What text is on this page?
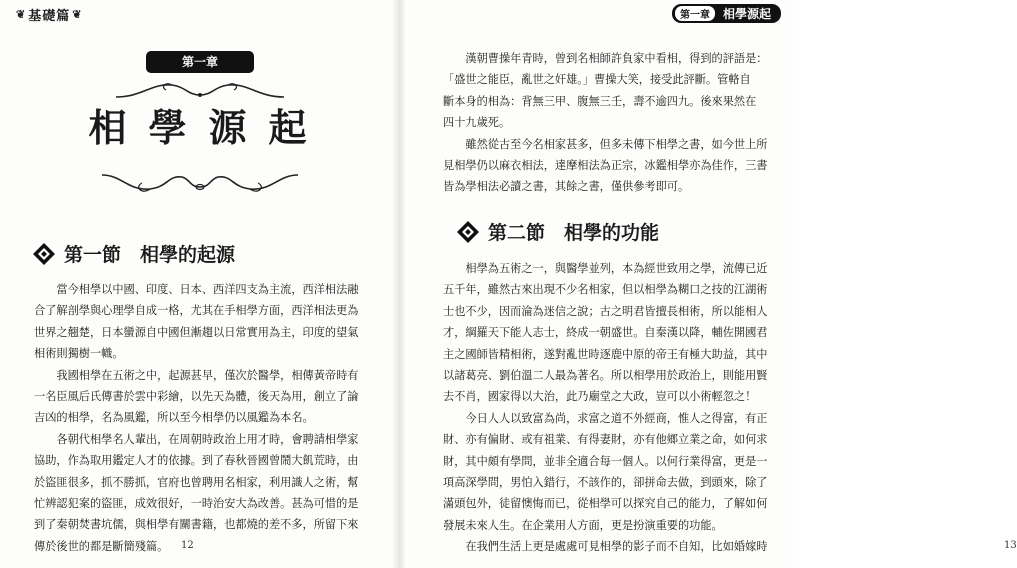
❦ 基礎篇 ❦
第一章
相學源起
第一節　相學的起源

當今相學以中國、印度、日本、西洋四支為主流，西洋相法融
合了解剖學與心理學自成一格，尤其在手相學方面，西洋相法更為
世界之翹楚，日本蠻源自中國但漸趨以日常實用為主，印度的望氣
相術則獨樹一幟。

我國相學在五術之中，起源甚早，僅次於醫學，相傳黃帝時有
一名臣風后氏傳書於雲中彩繪，以先天為體，後天為用，創立了論
吉凶的相學，名為風鑑，所以至今相學仍以風鑑為本名。

各朝代相學名人輩出，在周朝時政治上用才時，會聘請相學家
協助，作為取用鑑定人才的依據。到了春秋晉國曾鬧大飢荒時，由
於盜匪很多，抓不勝抓，官府也曾聘用名相家，利用識人之術，幫
忙辨認犯案的盜匪，成效很好，一時治安大為改善。甚為可惜的是
到了秦朝焚書坑儒，與相學有關書籍，也都燒的差不多，所留下來
傳於後世的都是斷簡殘篇。	12
第一章	相學源起

漢朝曹操年青時，曾到名相師許負家中看相，得到的評語是：
「盛世之能臣，亂世之奸雄。」曹操大笑，接受此評斷。管輅自
斷本身的相為：背無三甲、腹無三壬，壽不逾四九。後來果然在
四十九歲死。

雖然從古至今名相家甚多，但多未傳下相學之書，如今世上所
見相學仍以麻衣相法，達摩相法為正宗，冰鑑相學亦為佳作，三書
皆為學相法必讀之書，其餘之書，僅供參考即可。

第二節　相學的功能

相學為五術之一，與醫學並列，本為經世致用之學，流傳已近
五千年，雖然古來出現不少名相家，但以相學為糊口之技的江湖術
士也不少，因而淪為迷信之說；古之明君皆擅長相術，所以能相人
才，綱羅天下能人志士，終成一朝盛世。自秦漢以降，輔佐開國君
主之國師皆精相術，遂對亂世時逐鹿中原的帝王有極大助益，其中
以諸葛亮、劉伯溫二人最為著名。所以相學用於政治上，則能用賢
去不肖，國家得以大治，此乃廟堂之大政，豈可以小術輕忽之！

今日人人以致富為尚，求富之道不外經商，惟人之得富，有正
財、亦有偏財、或有祖業、有得妻財，亦有他鄉立業之命，如何求
財，其中頗有學問，並非全適合每一個人。以何行業得富，更是一
項高深學問，男怕入錯行，不該作的，卻拼命去做，到頭來，除了
滿頭包外，徒留懊悔而已，從相學可以探究自己的能力，了解如何
發展未來人生。在企業用人方面，更是扮演重要的功能。

在我們生活上更是處處可見相學的影子而不自知，比如婚嫁時	13
